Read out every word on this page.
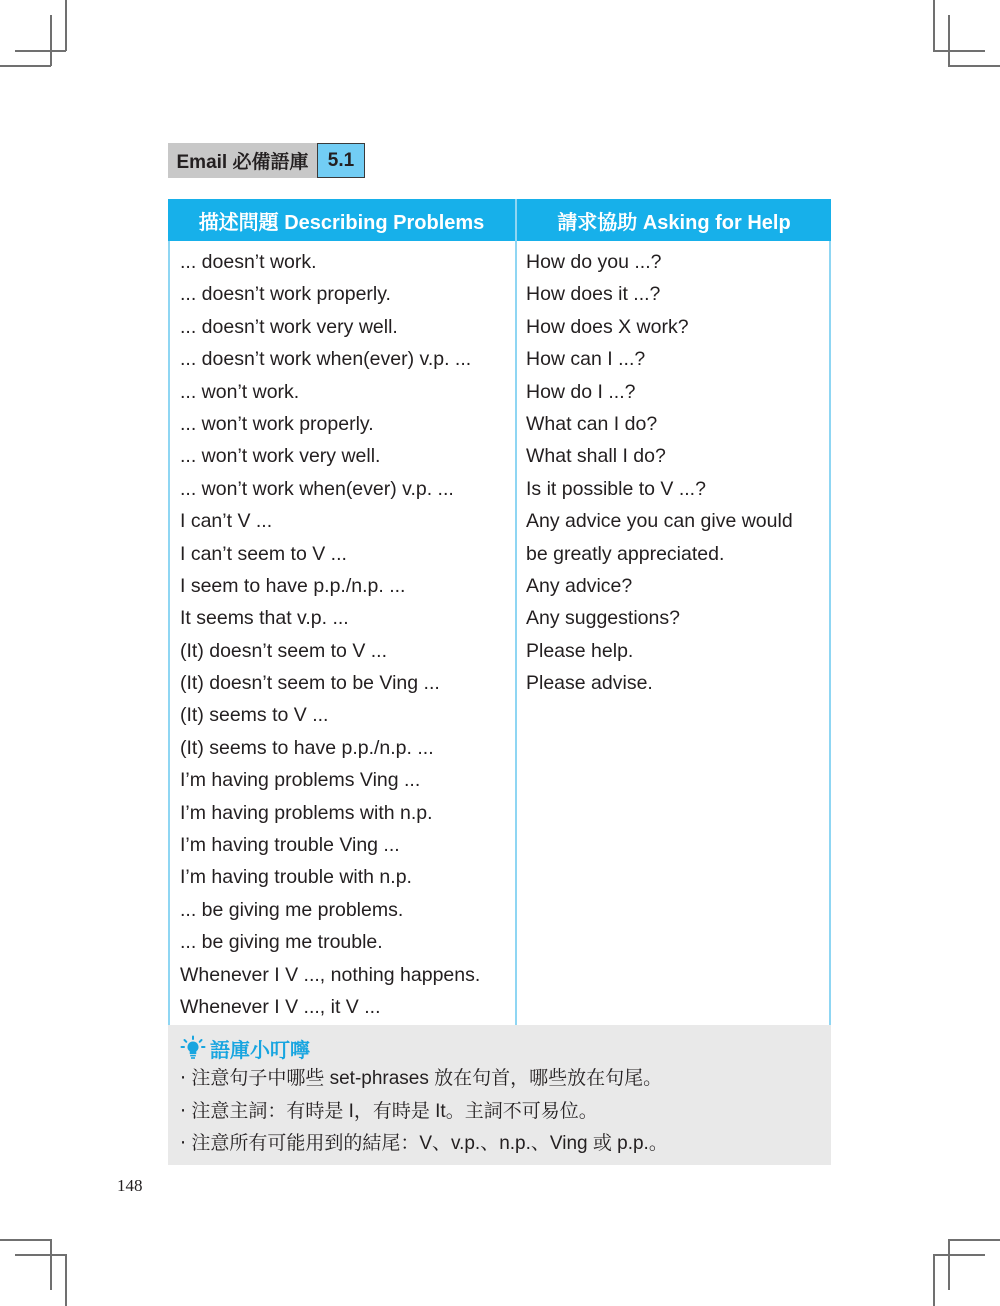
Email 必備語庫	5.1
描述問題 Describing Problems	請求協助 Asking for Help
... doesn’t work.
... doesn’t work properly.
... doesn’t work very well.
... doesn’t work when(ever) v.p. ...
... won’t work.
... won’t work properly.
... won’t work very well.
... won’t work when(ever) v.p. ...
I can’t V ...
I can’t seem to V ...
I seem to have p.p./n.p. ...
It seems that v.p. ...
(It) doesn’t seem to V ...
(It) doesn’t seem to be Ving ...
(It) seems to V ...
(It) seems to have p.p./n.p. ...
I’m having problems Ving ...
I’m having problems with n.p.
I’m having trouble Ving ...
I’m having trouble with n.p.
... be giving me problems.
... be giving me trouble.
Whenever I V ..., nothing happens.
Whenever I V ..., it V ...
How do you ...?
How does it ...?
How does X work?
How can I ...?
How do I ...?
What can I do?
What shall I do?
Is it possible to V ...?
Any advice you can give would
be greatly appreciated.
Any advice?
Any suggestions?
Please help.
Please advise.
語庫小叮嚀
‧ 注意句子中哪些 set-phrases 放在句首，哪些放在句尾。
‧ 注意主詞：有時是 I，有時是 It。主詞不可易位。
‧ 注意所有可能用到的結尾：V、v.p.、n.p.、Ving 或 p.p.。
148
